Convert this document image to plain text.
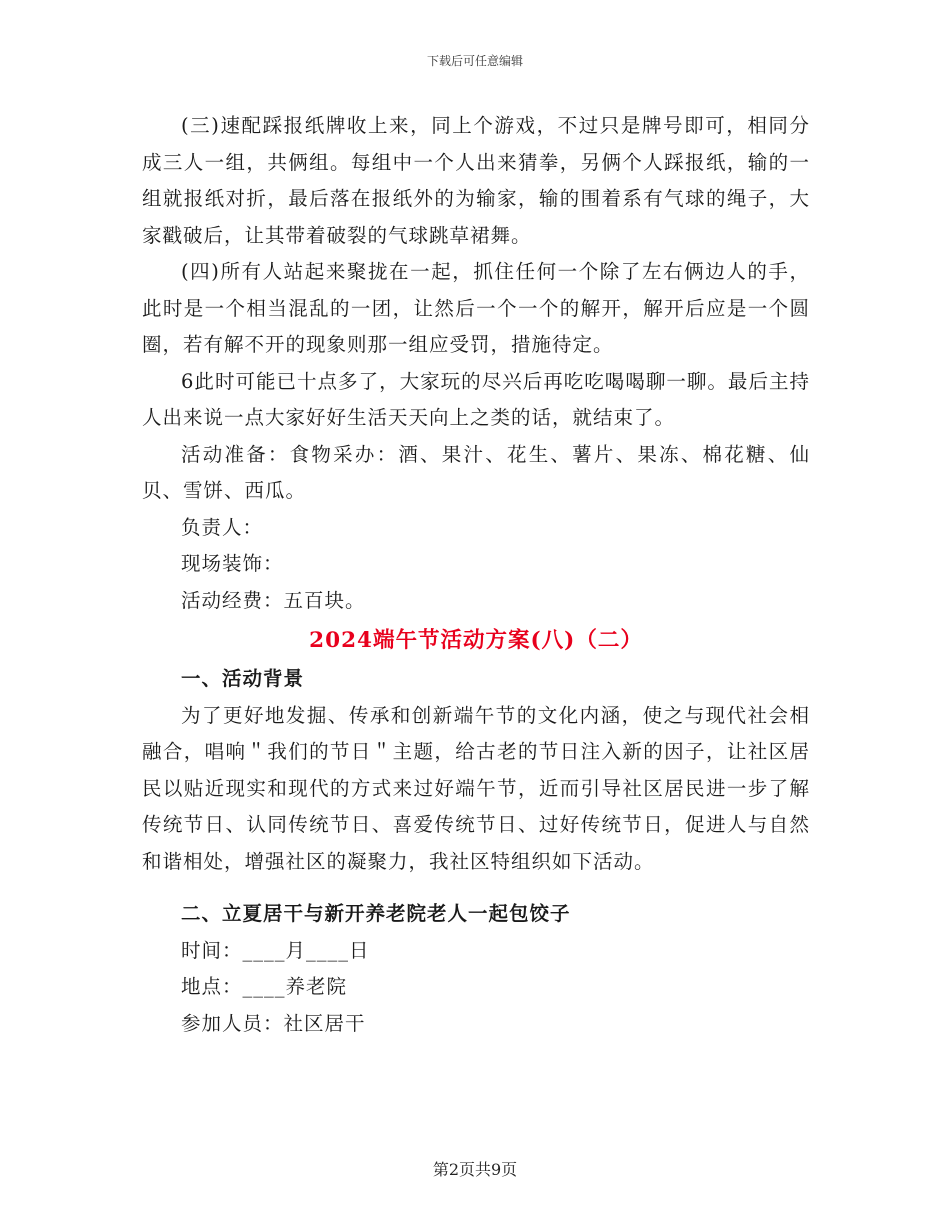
下载后可任意编辑

(三)速配踩报纸牌收上来，同上个游戏，不过只是牌号即可，相同分成三人一组，共俩组。每组中一个人出来猜拳，另俩个人踩报纸，输的一组就报纸对折，最后落在报纸外的为输家，输的围着系有气球的绳子，大家戳破后，让其带着破裂的气球跳草裙舞。

(四)所有人站起来聚拢在一起，抓住任何一个除了左右俩边人的手，此时是一个相当混乱的一团，让然后一个一个的解开，解开后应是一个圆圈，若有解不开的现象则那一组应受罚，措施待定。

6此时可能已十点多了，大家玩的尽兴后再吃吃喝喝聊一聊。最后主持人出来说一点大家好好生活天天向上之类的话，就结束了。

活动准备：食物采办：酒、果汁、花生、薯片、果冻、棉花糖、仙贝、雪饼、西瓜。

负责人：

现场装饰：

活动经费：五百块。

2024端午节活动方案(八)（二）

一、活动背景

为了更好地发掘、传承和创新端午节的文化内涵，使之与现代社会相融合，唱响＂我们的节日＂主题，给古老的节日注入新的因子，让社区居民以贴近现实和现代的方式来过好端午节，近而引导社区居民进一步了解传统节日、认同传统节日、喜爱传统节日、过好传统节日，促进人与自然和谐相处，增强社区的凝聚力，我社区特组织如下活动。

二、立夏居干与新开养老院老人一起包饺子

时间：____月____日

地点：____养老院

参加人员：社区居干

第2页共9页
